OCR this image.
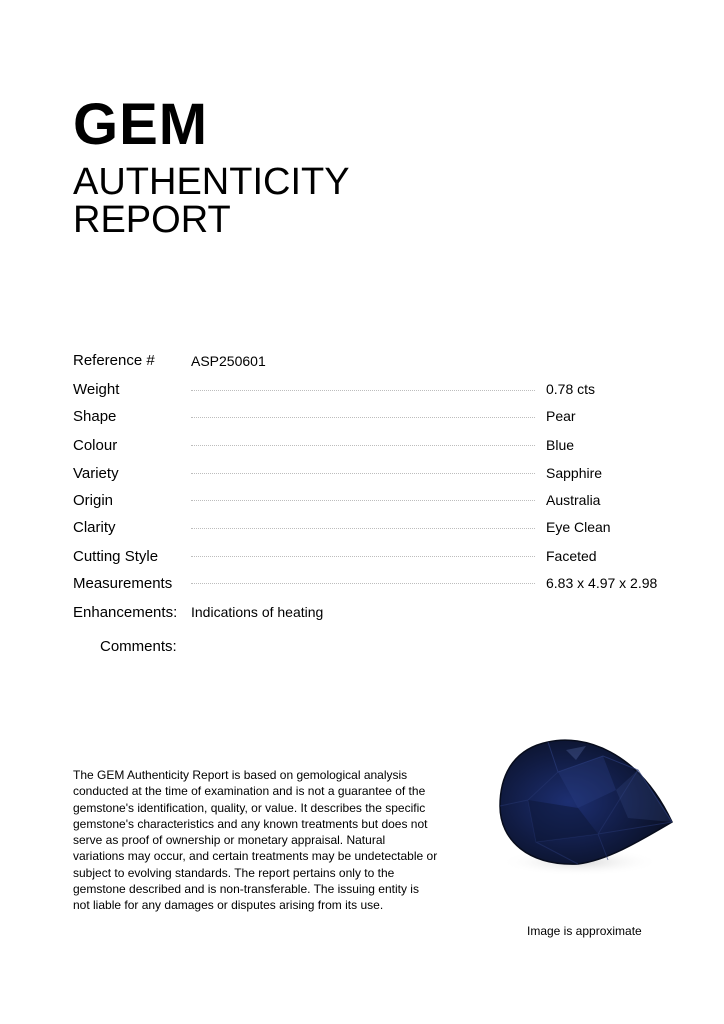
GEM
AUTHENTICITY
REPORT
Reference #	ASP250601
Weight	0.78 cts
Shape	Pear
Colour	Blue
Variety	Sapphire
Origin	Australia
Clarity	Eye Clean
Cutting Style	Faceted
Measurements	6.83 x 4.97 x 2.98
Enhancements: Indications of heating
Comments:
The GEM Authenticity Report is based on gemological analysis conducted at the time of examination and is not a guarantee of the gemstone's identification, quality, or value. It describes the specific gemstone's characteristics and any known treatments but does not serve as proof of ownership or monetary appraisal. Natural variations may occur, and certain treatments may be undetectable or subject to evolving standards. The report pertains only to the gemstone described and is non-transferable. The issuing entity is not liable for any damages or disputes arising from its use.
Image is approximate
